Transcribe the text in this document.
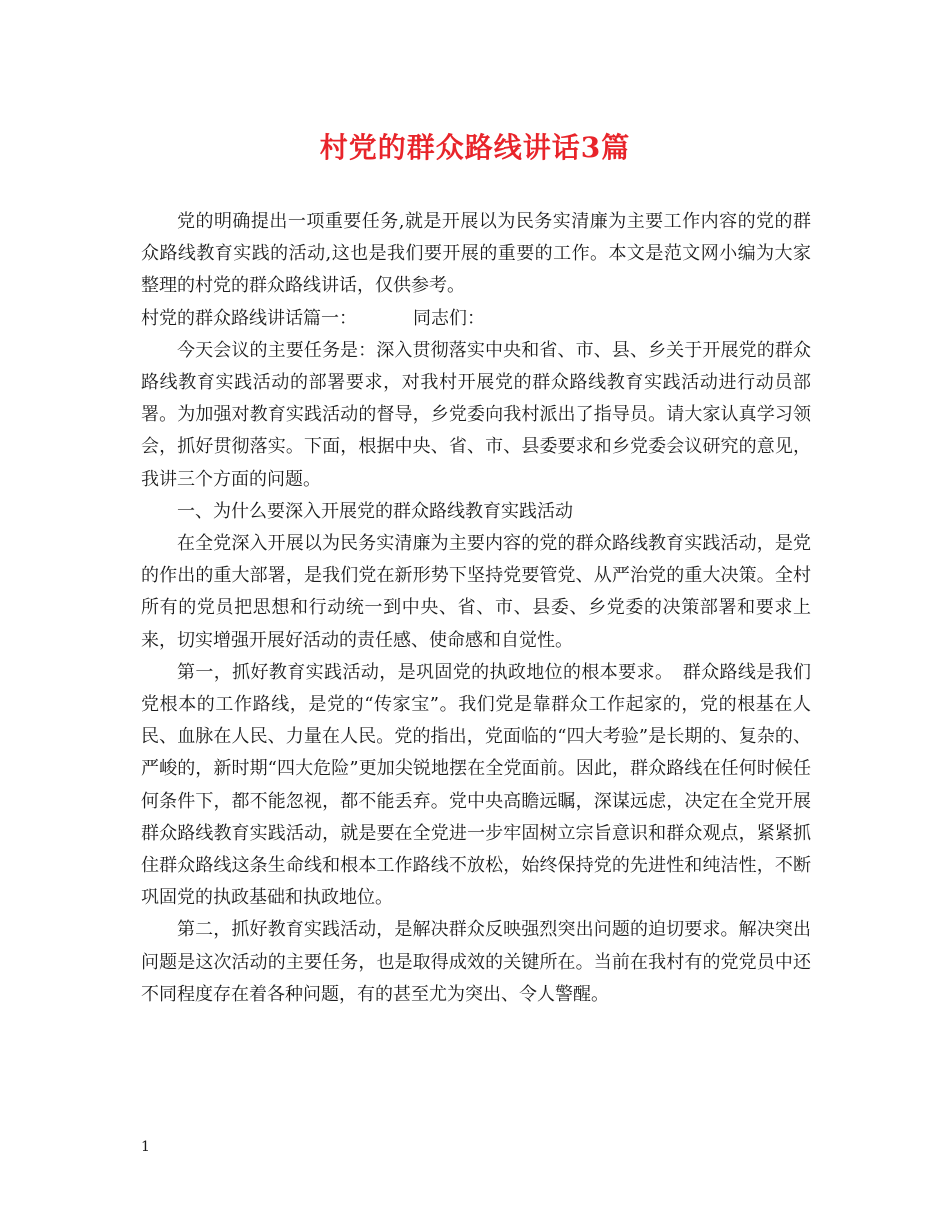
村党的群众路线讲话3篇

党的明确提出一项重要任务,就是开展以为民务实清廉为主要工作内容的党的群众路线教育实践的活动,这也是我们要开展的重要的工作。本文是范文网小编为大家整理的村党的群众路线讲话，仅供参考。

村党的群众路线讲话篇一：	同志们：

今天会议的主要任务是：深入贯彻落实中央和省、市、县、乡关于开展党的群众路线教育实践活动的部署要求，对我村开展党的群众路线教育实践活动进行动员部署。为加强对教育实践活动的督导，乡党委向我村派出了指导员。请大家认真学习领会，抓好贯彻落实。下面，根据中央、省、市、县委要求和乡党委会议研究的意见，我讲三个方面的问题。

一、为什么要深入开展党的群众路线教育实践活动

在全党深入开展以为民务实清廉为主要内容的党的群众路线教育实践活动，是党的作出的重大部署，是我们党在新形势下坚持党要管党、从严治党的重大决策。全村所有的党员把思想和行动统一到中央、省、市、县委、乡党委的决策部署和要求上来，切实增强开展好活动的责任感、使命感和自觉性。

第一，抓好教育实践活动，是巩固党的执政地位的根本要求。　群众路线是我们党根本的工作路线，是党的“传家宝”。我们党是靠群众工作起家的，党的根基在人民、血脉在人民、力量在人民。党的指出，党面临的“四大考验”是长期的、复杂的、严峻的，新时期“四大危险”更加尖锐地摆在全党面前。因此，群众路线在任何时候任何条件下，都不能忽视，都不能丢弃。党中央高瞻远瞩，深谋远虑，决定在全党开展群众路线教育实践活动，就是要在全党进一步牢固树立宗旨意识和群众观点，紧紧抓住群众路线这条生命线和根本工作路线不放松，始终保持党的先进性和纯洁性，不断巩固党的执政基础和执政地位。

第二，抓好教育实践活动，是解决群众反映强烈突出问题的迫切要求。解决突出问题是这次活动的主要任务，也是取得成效的关键所在。当前在我村有的党党员中还不同程度存在着各种问题，有的甚至尤为突出、令人警醒。

1
